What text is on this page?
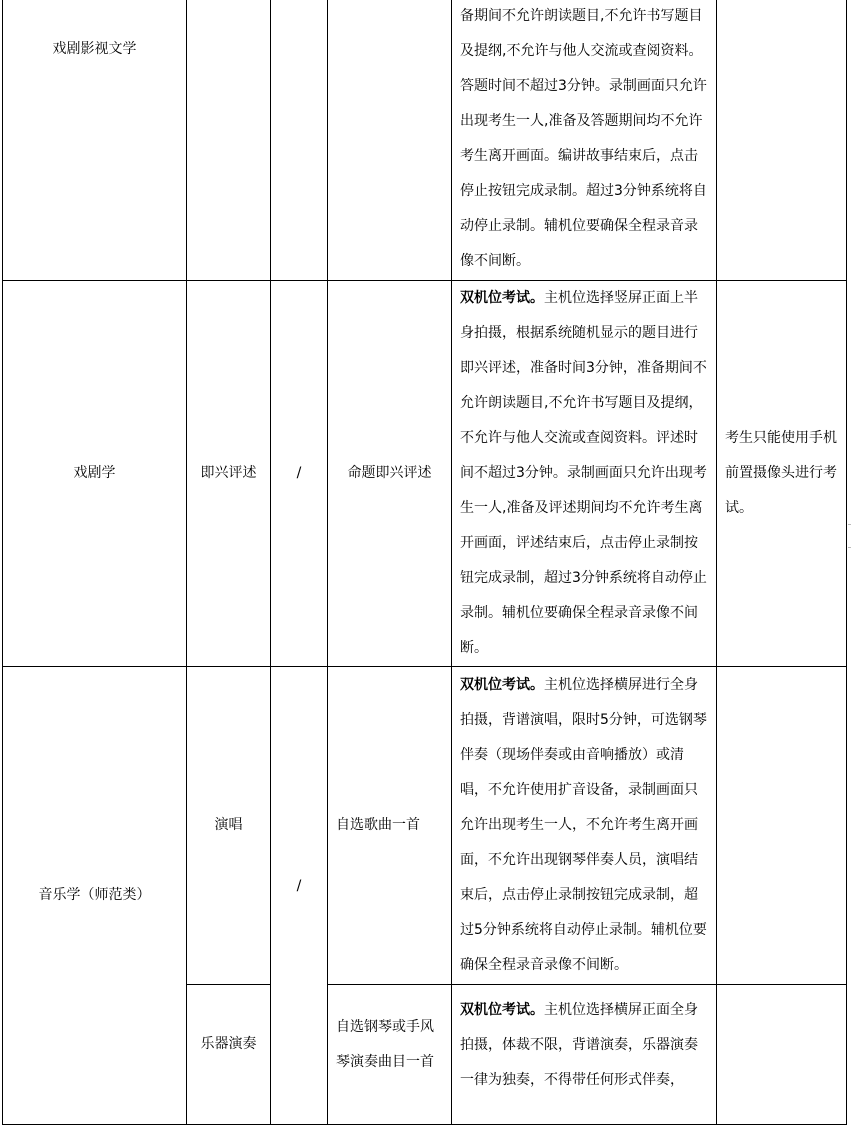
戏剧影视文学				备期间不允许朗读题目,不允许书写题目及提纲,不允许与他人交流或查阅资料。答题时间不超过3分钟。录制画面只允许出现考生一人,准备及答题期间均不允许考生离开画面。编讲故事结束后，点击停止按钮完成录制。超过3分钟系统将自动停止录制。辅机位要确保全程录音录像不间断。	
戏剧学	即兴评述	/	命题即兴评述	双机位考试。主机位选择竖屏正面上半身拍摄，根据系统随机显示的题目进行即兴评述，准备时间3分钟，准备期间不允许朗读题目,不允许书写题目及提纲，不允许与他人交流或查阅资料。评述时间不超过3分钟。录制画面只允许出现考生一人,准备及评述期间均不允许考生离开画面，评述结束后，点击停止录制按钮完成录制，超过3分钟系统将自动停止录制。辅机位要确保全程录音录像不间断。	考生只能使用手机前置摄像头进行考试。
音乐学（师范类）	演唱	/	自选歌曲一首	双机位考试。主机位选择横屏进行全身拍摄，背谱演唱，限时5分钟，可选钢琴伴奏（现场伴奏或由音响播放）或清唱，不允许使用扩音设备，录制画面只允许出现考生一人，不允许考生离开画面，不允许出现钢琴伴奏人员，演唱结束后，点击停止录制按钮完成录制，超过5分钟系统将自动停止录制。辅机位要确保全程录音录像不间断。	
	乐器演奏		自选钢琴或手风琴演奏曲目一首	双机位考试。主机位选择横屏正面全身拍摄，体裁不限，背谱演奏，乐器演奏一律为独奏，不得带任何形式伴奏，	
